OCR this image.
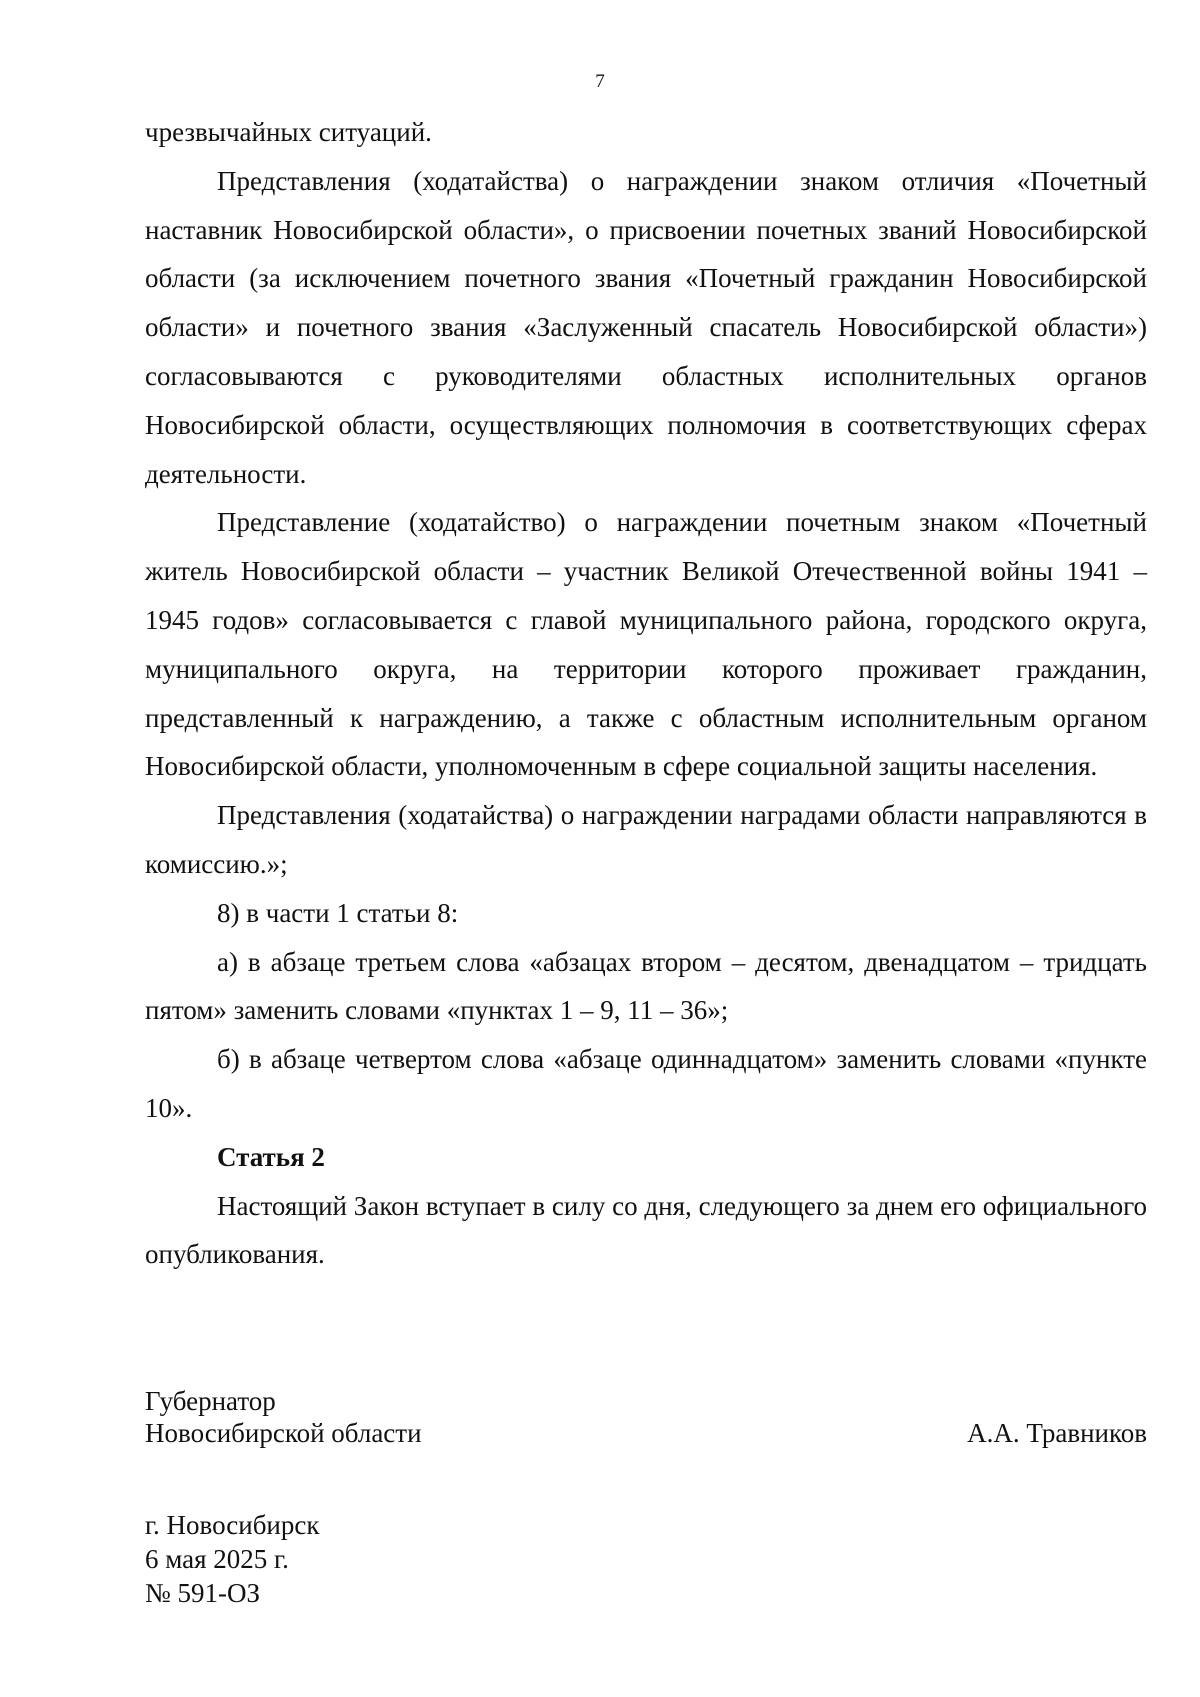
7

чрезвычайных ситуаций.

Представления (ходатайства) о награждении знаком отличия «Почетный наставник Новосибирской области», о присвоении почетных званий Новосибирской области (за исключением почетного звания «Почетный гражданин Новосибирской области» и почетного звания «Заслуженный спасатель Новосибирской области») согласовываются с руководителями областных исполнительных органов Новосибирской области, осуществляющих полномочия в соответствующих сферах деятельности.

Представление (ходатайство) о награждении почетным знаком «Почетный житель Новосибирской области – участник Великой Отечественной войны 1941 – 1945 годов» согласовывается с главой муниципального района, городского округа, муниципального округа, на территории которого проживает гражданин, представленный к награждению, а также с областным исполнительным органом Новосибирской области, уполномоченным в сфере социальной защиты населения.

Представления (ходатайства) о награждении наградами области направляются в комиссию.»;

8) в части 1 статьи 8:

а) в абзаце третьем слова «абзацах втором – десятом, двенадцатом – тридцать пятом» заменить словами «пунктах 1 – 9, 11 – 36»;

б) в абзаце четвертом слова «абзаце одиннадцатом» заменить словами «пункте 10».

Статья 2

Настоящий Закон вступает в силу со дня, следующего за днем его официального опубликования.

Губернатор
Новосибирской области	А.А. Травников
г. Новосибирск
6 мая 2025 г.
№ 591-ОЗ
